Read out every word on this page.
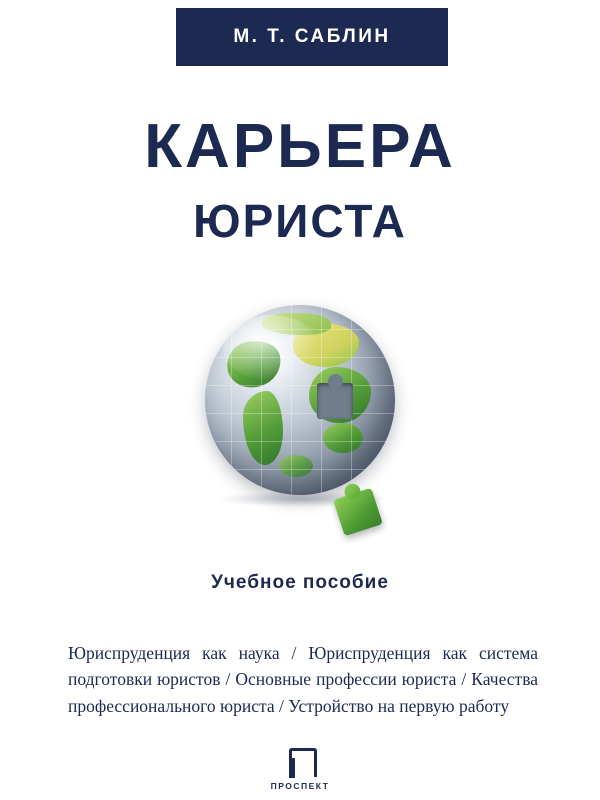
М. Т. САБЛИН
КАРЬЕРА
ЮРИСТА
Учебное пособие
Юриспруденция как наука / Юриспруденция как система подготовки юристов / Основные профессии юриста / Качества профессионального юриста / Устройство на первую работу
ПРОСПЕКТ
